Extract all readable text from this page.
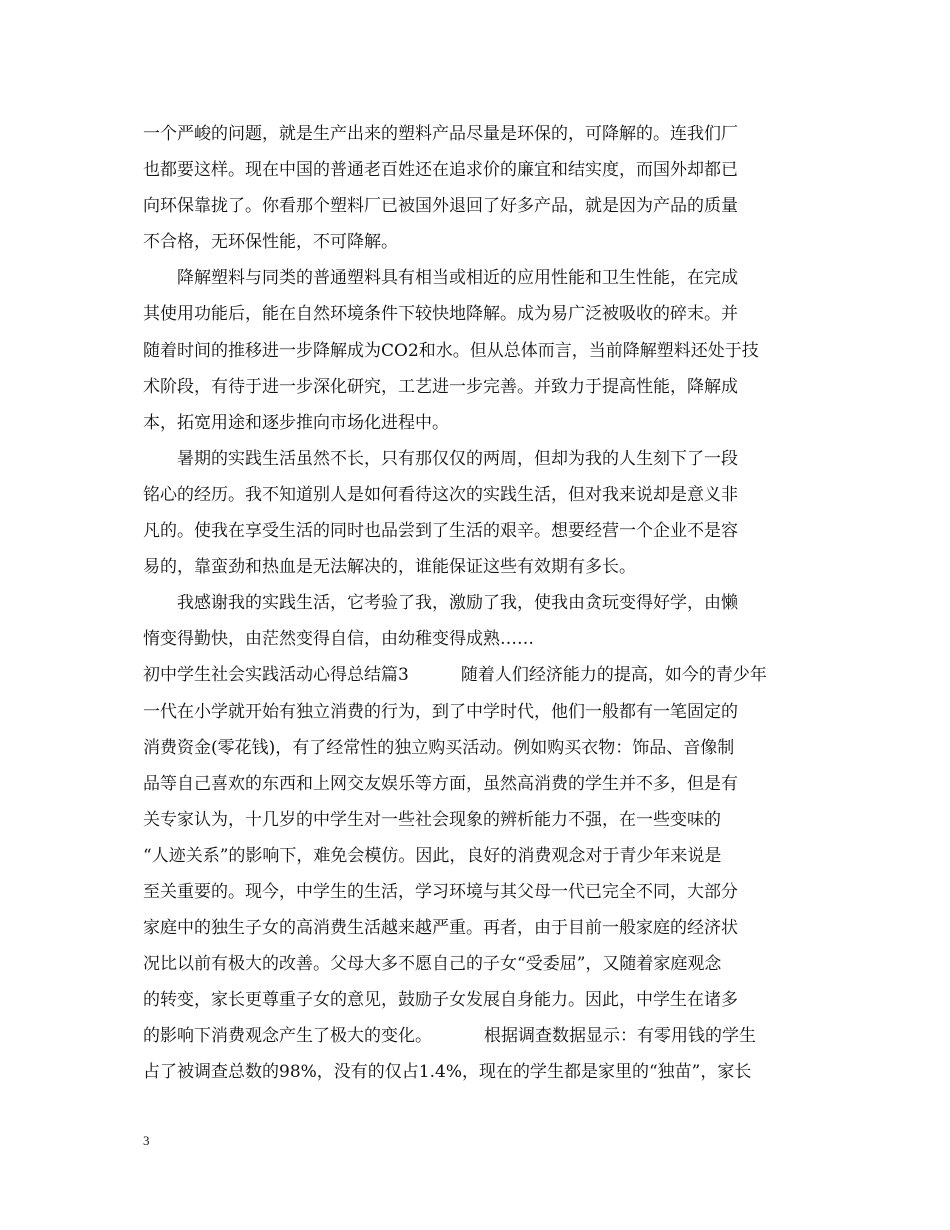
一个严峻的问题，就是生产出来的塑料产品尽量是环保的，可降解的。连我们厂
也都要这样。现在中国的普通老百姓还在追求价的廉宜和结实度，而国外却都已
向环保靠拢了。你看那个塑料厂已被国外退回了好多产品，就是因为产品的质量
不合格，无环保性能，不可降解。
降解塑料与同类的普通塑料具有相当或相近的应用性能和卫生性能，在完成
其使用功能后，能在自然环境条件下较快地降解。成为易广泛被吸收的碎末。并
随着时间的推移进一步降解成为CO2和水。但从总体而言，当前降解塑料还处于技
术阶段，有待于进一步深化研究，工艺进一步完善。并致力于提高性能，降解成
本，拓宽用途和逐步推向市场化进程中。
暑期的实践生活虽然不长，只有那仅仅的两周，但却为我的人生刻下了一段
铭心的经历。我不知道别人是如何看待这次的实践生活，但对我来说却是意义非
凡的。使我在享受生活的同时也品尝到了生活的艰辛。想要经营一个企业不是容
易的，靠蛮劲和热血是无法解决的，谁能保证这些有效期有多长。
我感谢我的实践生活，它考验了我，激励了我，使我由贪玩变得好学，由懒
惰变得勤快，由茫然变得自信，由幼稚变得成熟……
初中学生社会实践活动心得总结篇3	随着人们经济能力的提高，如今的青少年
一代在小学就开始有独立消费的行为，到了中学时代，他们一般都有一笔固定的
消费资金(零花钱)，有了经常性的独立购买活动。例如购买衣物：饰品、音像制
品等自己喜欢的东西和上网交友娱乐等方面，虽然高消费的学生并不多，但是有
关专家认为，十几岁的中学生对一些社会现象的辨析能力不强，在一些变味的
“人迹关系”的影响下，难免会模仿。因此，良好的消费观念对于青少年来说是
至关重要的。现今，中学生的生活，学习环境与其父母一代已完全不同，大部分
家庭中的独生子女的高消费生活越来越严重。再者，由于目前一般家庭的经济状
况比以前有极大的改善。父母大多不愿自己的子女“受委屈”，又随着家庭观念
的转变，家长更尊重子女的意见，鼓励子女发展自身能力。因此，中学生在诸多
的影响下消费观念产生了极大的变化。	根据调查数据显示：有零用钱的学生
占了被调查总数的98%，没有的仅占1.4%，现在的学生都是家里的“独苗”，家长
3
